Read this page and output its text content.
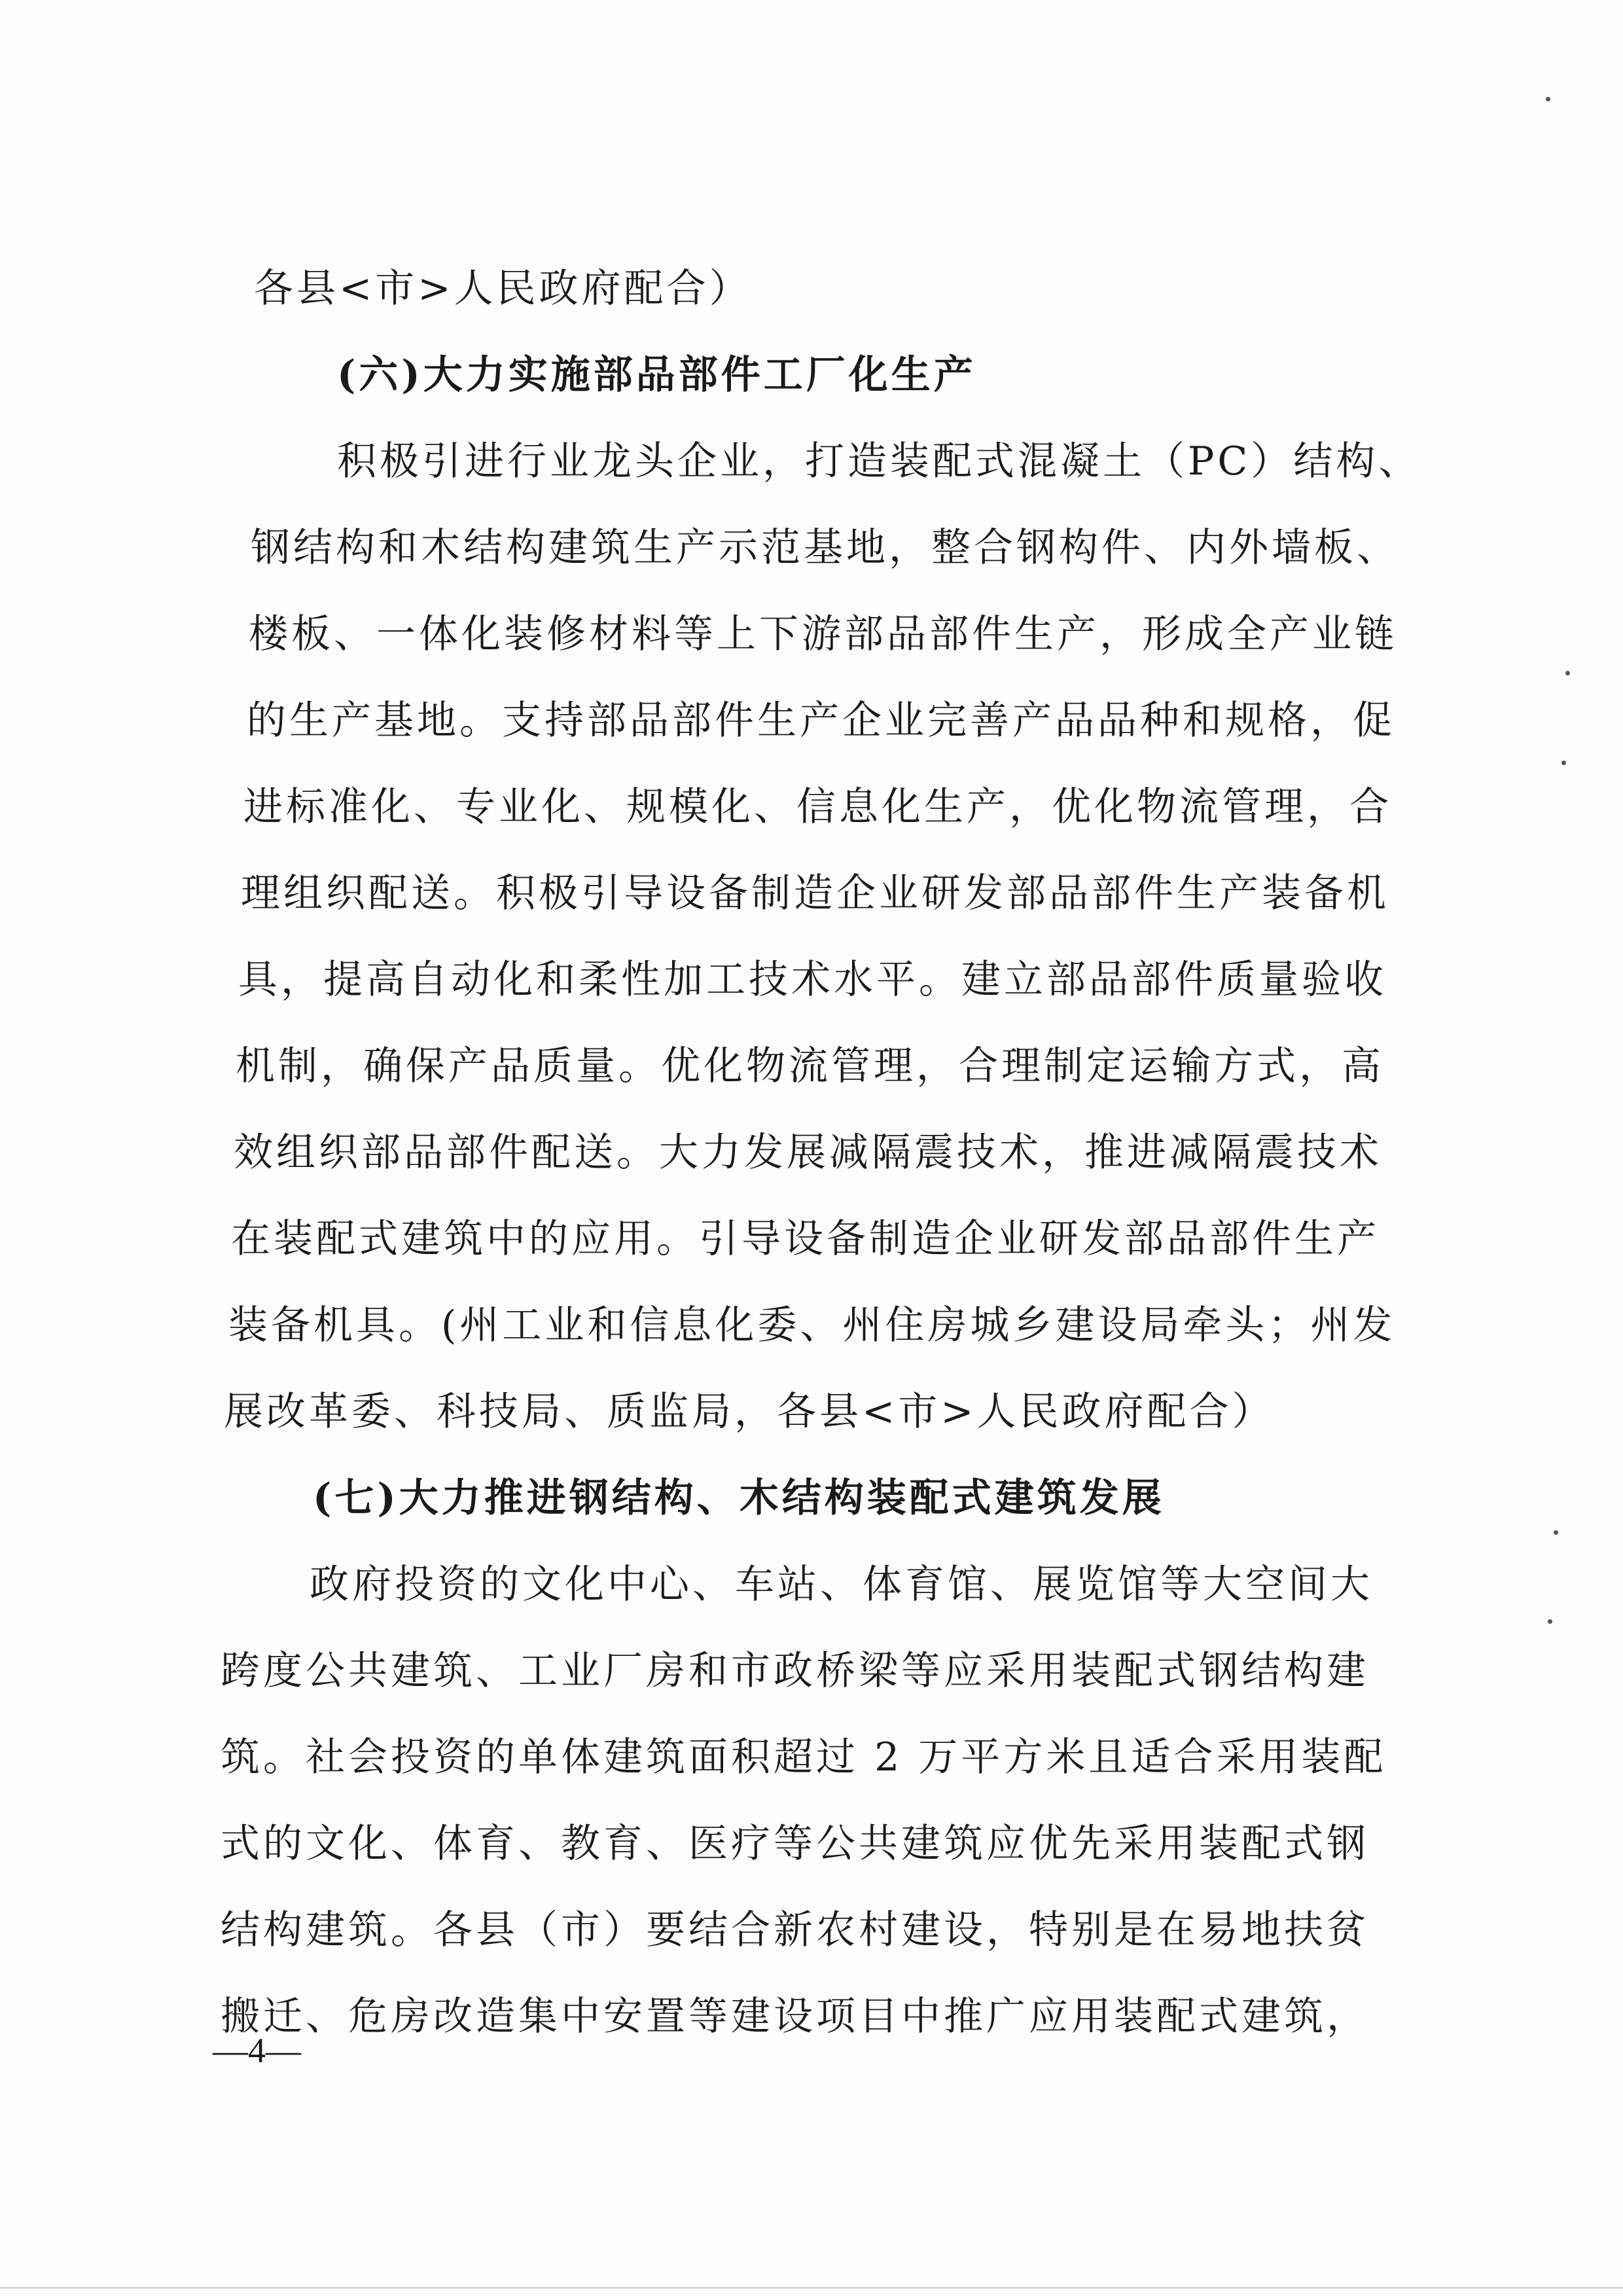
各县<市>人民政府配合）
(六)大力实施部品部件工厂化生产
积极引进行业龙头企业，打造装配式混凝土（PC）结构、
钢结构和木结构建筑生产示范基地，整合钢构件、内外墙板、
楼板、一体化装修材料等上下游部品部件生产，形成全产业链
的生产基地。支持部品部件生产企业完善产品品种和规格，促
进标准化、专业化、规模化、信息化生产，优化物流管理，合
理组织配送。积极引导设备制造企业研发部品部件生产装备机
具，提高自动化和柔性加工技术水平。建立部品部件质量验收
机制，确保产品质量。优化物流管理，合理制定运输方式，高
效组织部品部件配送。大力发展减隔震技术，推进减隔震技术
在装配式建筑中的应用。引导设备制造企业研发部品部件生产
装备机具。(州工业和信息化委、州住房城乡建设局牵头；州发
展改革委、科技局、质监局，各县<市>人民政府配合）
(七)大力推进钢结构、木结构装配式建筑发展
政府投资的文化中心、车站、体育馆、展览馆等大空间大
跨度公共建筑、工业厂房和市政桥梁等应采用装配式钢结构建
筑。社会投资的单体建筑面积超过 2 万平方米且适合采用装配
式的文化、体育、教育、医疗等公共建筑应优先采用装配式钢
结构建筑。各县（市）要结合新农村建设，特别是在易地扶贫
搬迁、危房改造集中安置等建设项目中推广应用装配式建筑，
—4—
